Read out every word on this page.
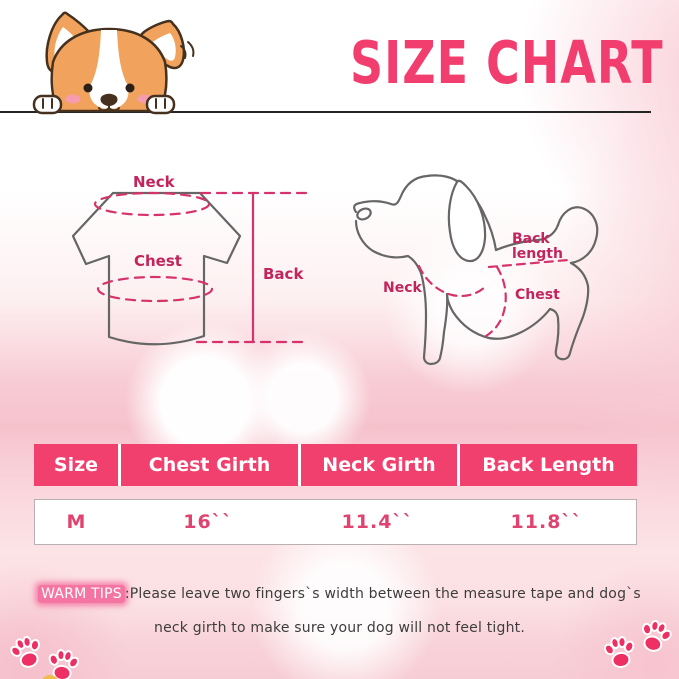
SIZE CHART
Neck
Chest
Back
Neck
Back length
Chest
Size	Chest Girth	Neck Girth	Back Length
M	16``	11.4``	11.8``
WARM TIPS :Please leave two fingers`s width between the measure tape and dog`s
neck girth to make sure your dog will not feel tight.
